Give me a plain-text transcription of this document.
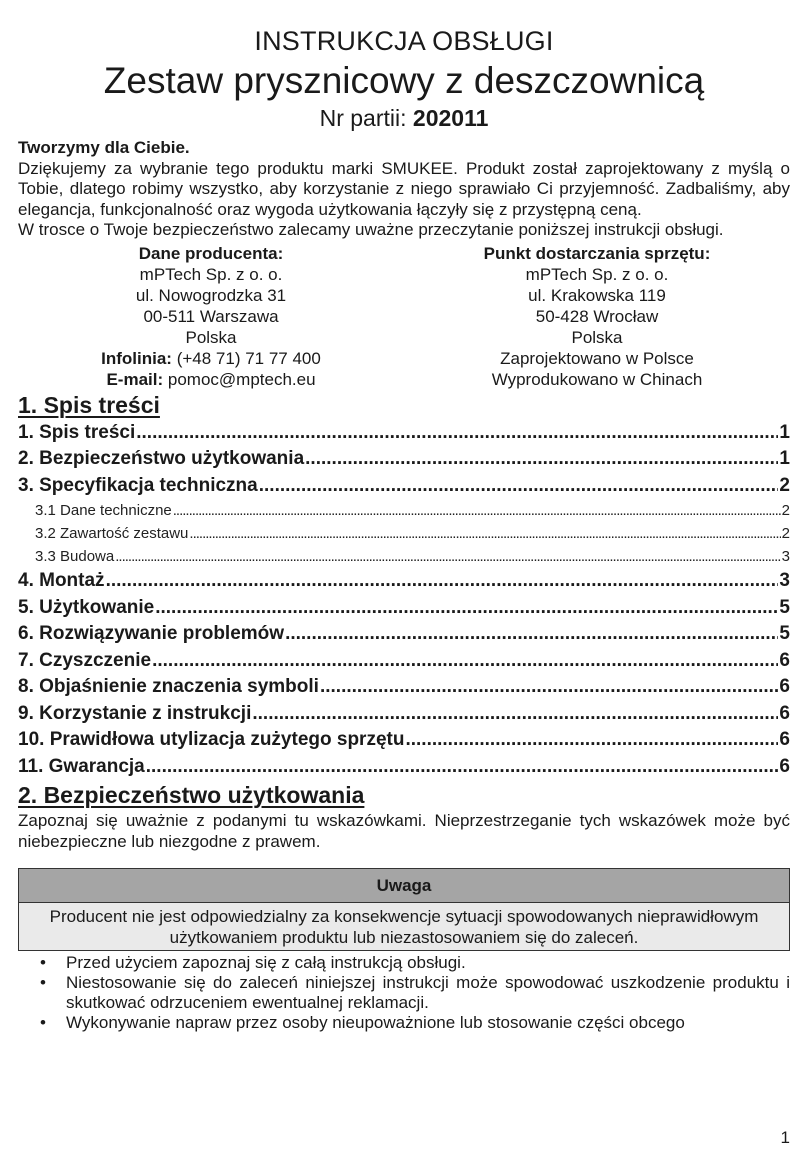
INSTRUKCJA OBSŁUGI
Zestaw prysznicowy z deszczownicą
Nr partii: 202011

Tworzymy dla Ciebie.

Dziękujemy za wybranie tego produktu marki SMUKEE. Produkt został zaprojektowany z myślą o Tobie, dlatego robimy wszystko, aby korzystanie z niego sprawiało Ci przyjemność. Zadbaliśmy, aby elegancja, funkcjonalność oraz wygoda użytkowania łączyły się z przystępną ceną.

W trosce o Twoje bezpieczeństwo zalecamy uważne przeczytanie poniższej instrukcji obsługi.

Dane producenta:
mPTech Sp. z o. o.
ul. Nowogrodzka 31
00-511 Warszawa
Polska
Infolinia: (+48 71) 71 77 400
E-mail: pomoc@mptech.eu
Punkt dostarczania sprzętu:
mPTech Sp. z o. o.
ul. Krakowska 119
50-428 Wrocław
Polska
Zaprojektowano w Polsce
Wyprodukowano w Chinach
1. Spis treści
1. Spis treści .....	1
2. Bezpieczeństwo użytkowania .....	1
3. Specyfikacja techniczna .....	2
3.1 Dane techniczne .....	2
3.2 Zawartość zestawu .....	2
3.3 Budowa .....	3
4. Montaż .....	3
5. Użytkowanie .....	5
6. Rozwiązywanie problemów .....	5
7. Czyszczenie .....	6
8. Objaśnienie znaczenia symboli .....	6
9. Korzystanie z instrukcji .....	6
10. Prawidłowa utylizacja zużytego sprzętu .....	6
11. Gwarancja .....	6
2. Bezpieczeństwo użytkowania

Zapoznaj się uważnie z podanymi tu wskazówkami. Nieprzestrzeganie tych wskazówek może być niebezpieczne lub niezgodne z prawem.

Uwaga
Producent nie jest odpowiedzialny za konsekwencje sytuacji spowodowanych nieprawidłowym użytkowaniem produktu lub niezastosowaniem się do zaleceń.
• Przed użyciem zapoznaj się z całą instrukcją obsługi.
• Niestosowanie się do zaleceń niniejszej instrukcji może spowodować uszkodzenie produktu i skutkować odrzuceniem ewentualnej reklamacji.
• Wykonywanie napraw przez osoby nieupoważnione lub stosowanie części obcego
1
